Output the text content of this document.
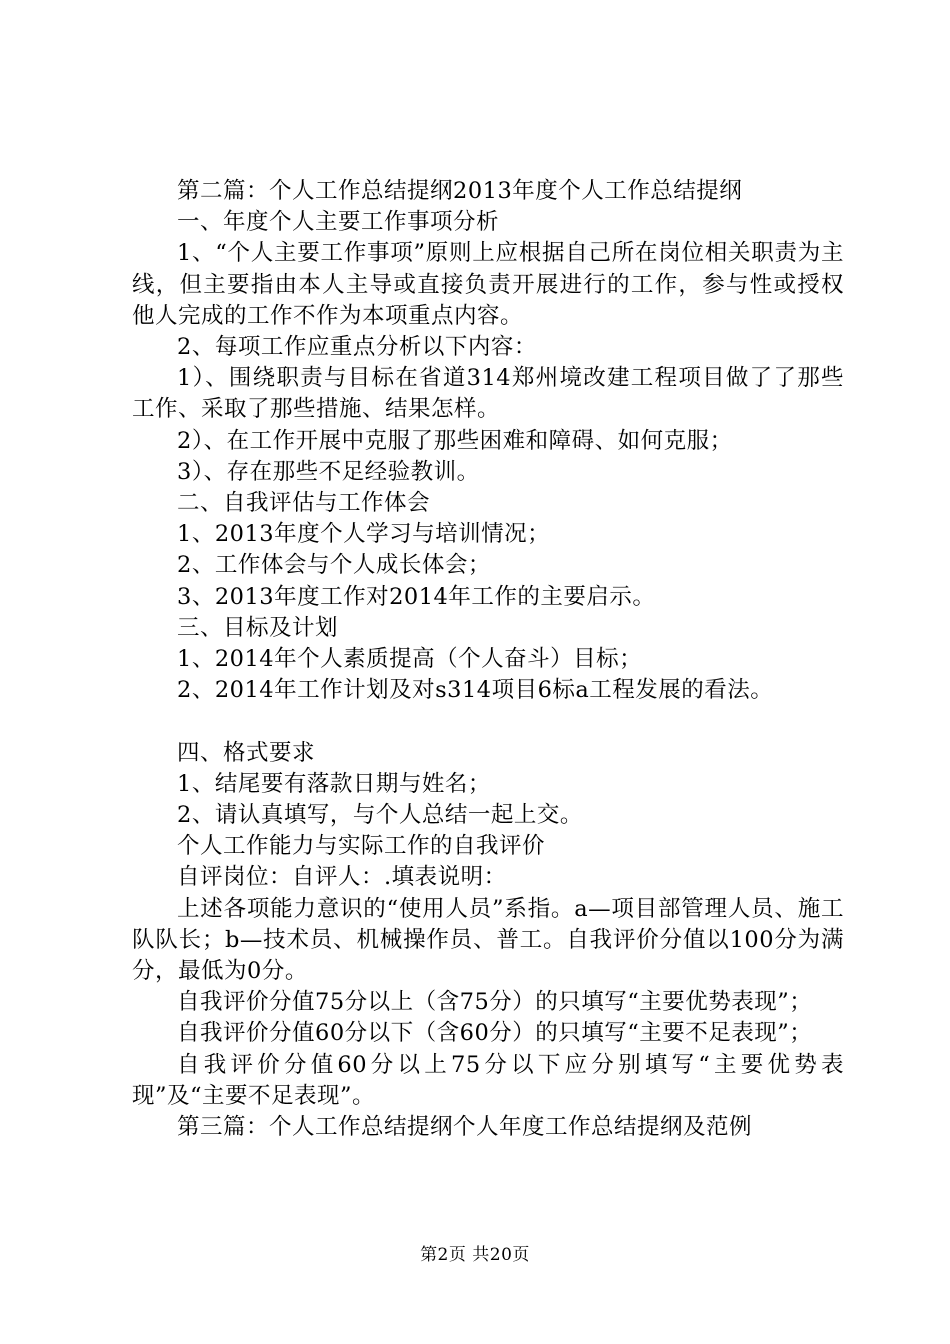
第二篇：个人工作总结提纲2013年度个人工作总结提纲

一、年度个人主要工作事项分析

1、“个人主要工作事项”原则上应根据自己所在岗位相关职责为主线，但主要指由本人主导或直接负责开展进行的工作，参与性或授权他人完成的工作不作为本项重点内容。

2、每项工作应重点分析以下内容：

1）、围绕职责与目标在省道314郑州境改建工程项目做了了那些工作、采取了那些措施、结果怎样。

2）、在工作开展中克服了那些困难和障碍、如何克服；

3）、存在那些不足经验教训。

二、自我评估与工作体会

1、2013年度个人学习与培训情况；

2、工作体会与个人成长体会；

3、2013年度工作对2014年工作的主要启示。

三、目标及计划

1、2014年个人素质提高（个人奋斗）目标；

2、2014年工作计划及对s314项目6标a工程发展的看法。

四、格式要求

1、结尾要有落款日期与姓名；

2、请认真填写，与个人总结一起上交。

个人工作能力与实际工作的自我评价

自评岗位：自评人：.填表说明：

上述各项能力意识的“使用人员”系指。a—项目部管理人员、施工队队长；b—技术员、机械操作员、普工。自我评价分值以100分为满分，最低为0分。

自我评价分值75分以上（含75分）的只填写“主要优势表现”；

自我评价分值60分以下（含60分）的只填写“主要不足表现”；

自我评价分值60分以上75分以下应分别填写“主要优势表现”及“主要不足表现”。

第三篇：个人工作总结提纲个人年度工作总结提纲及范例

第2页 共20页
